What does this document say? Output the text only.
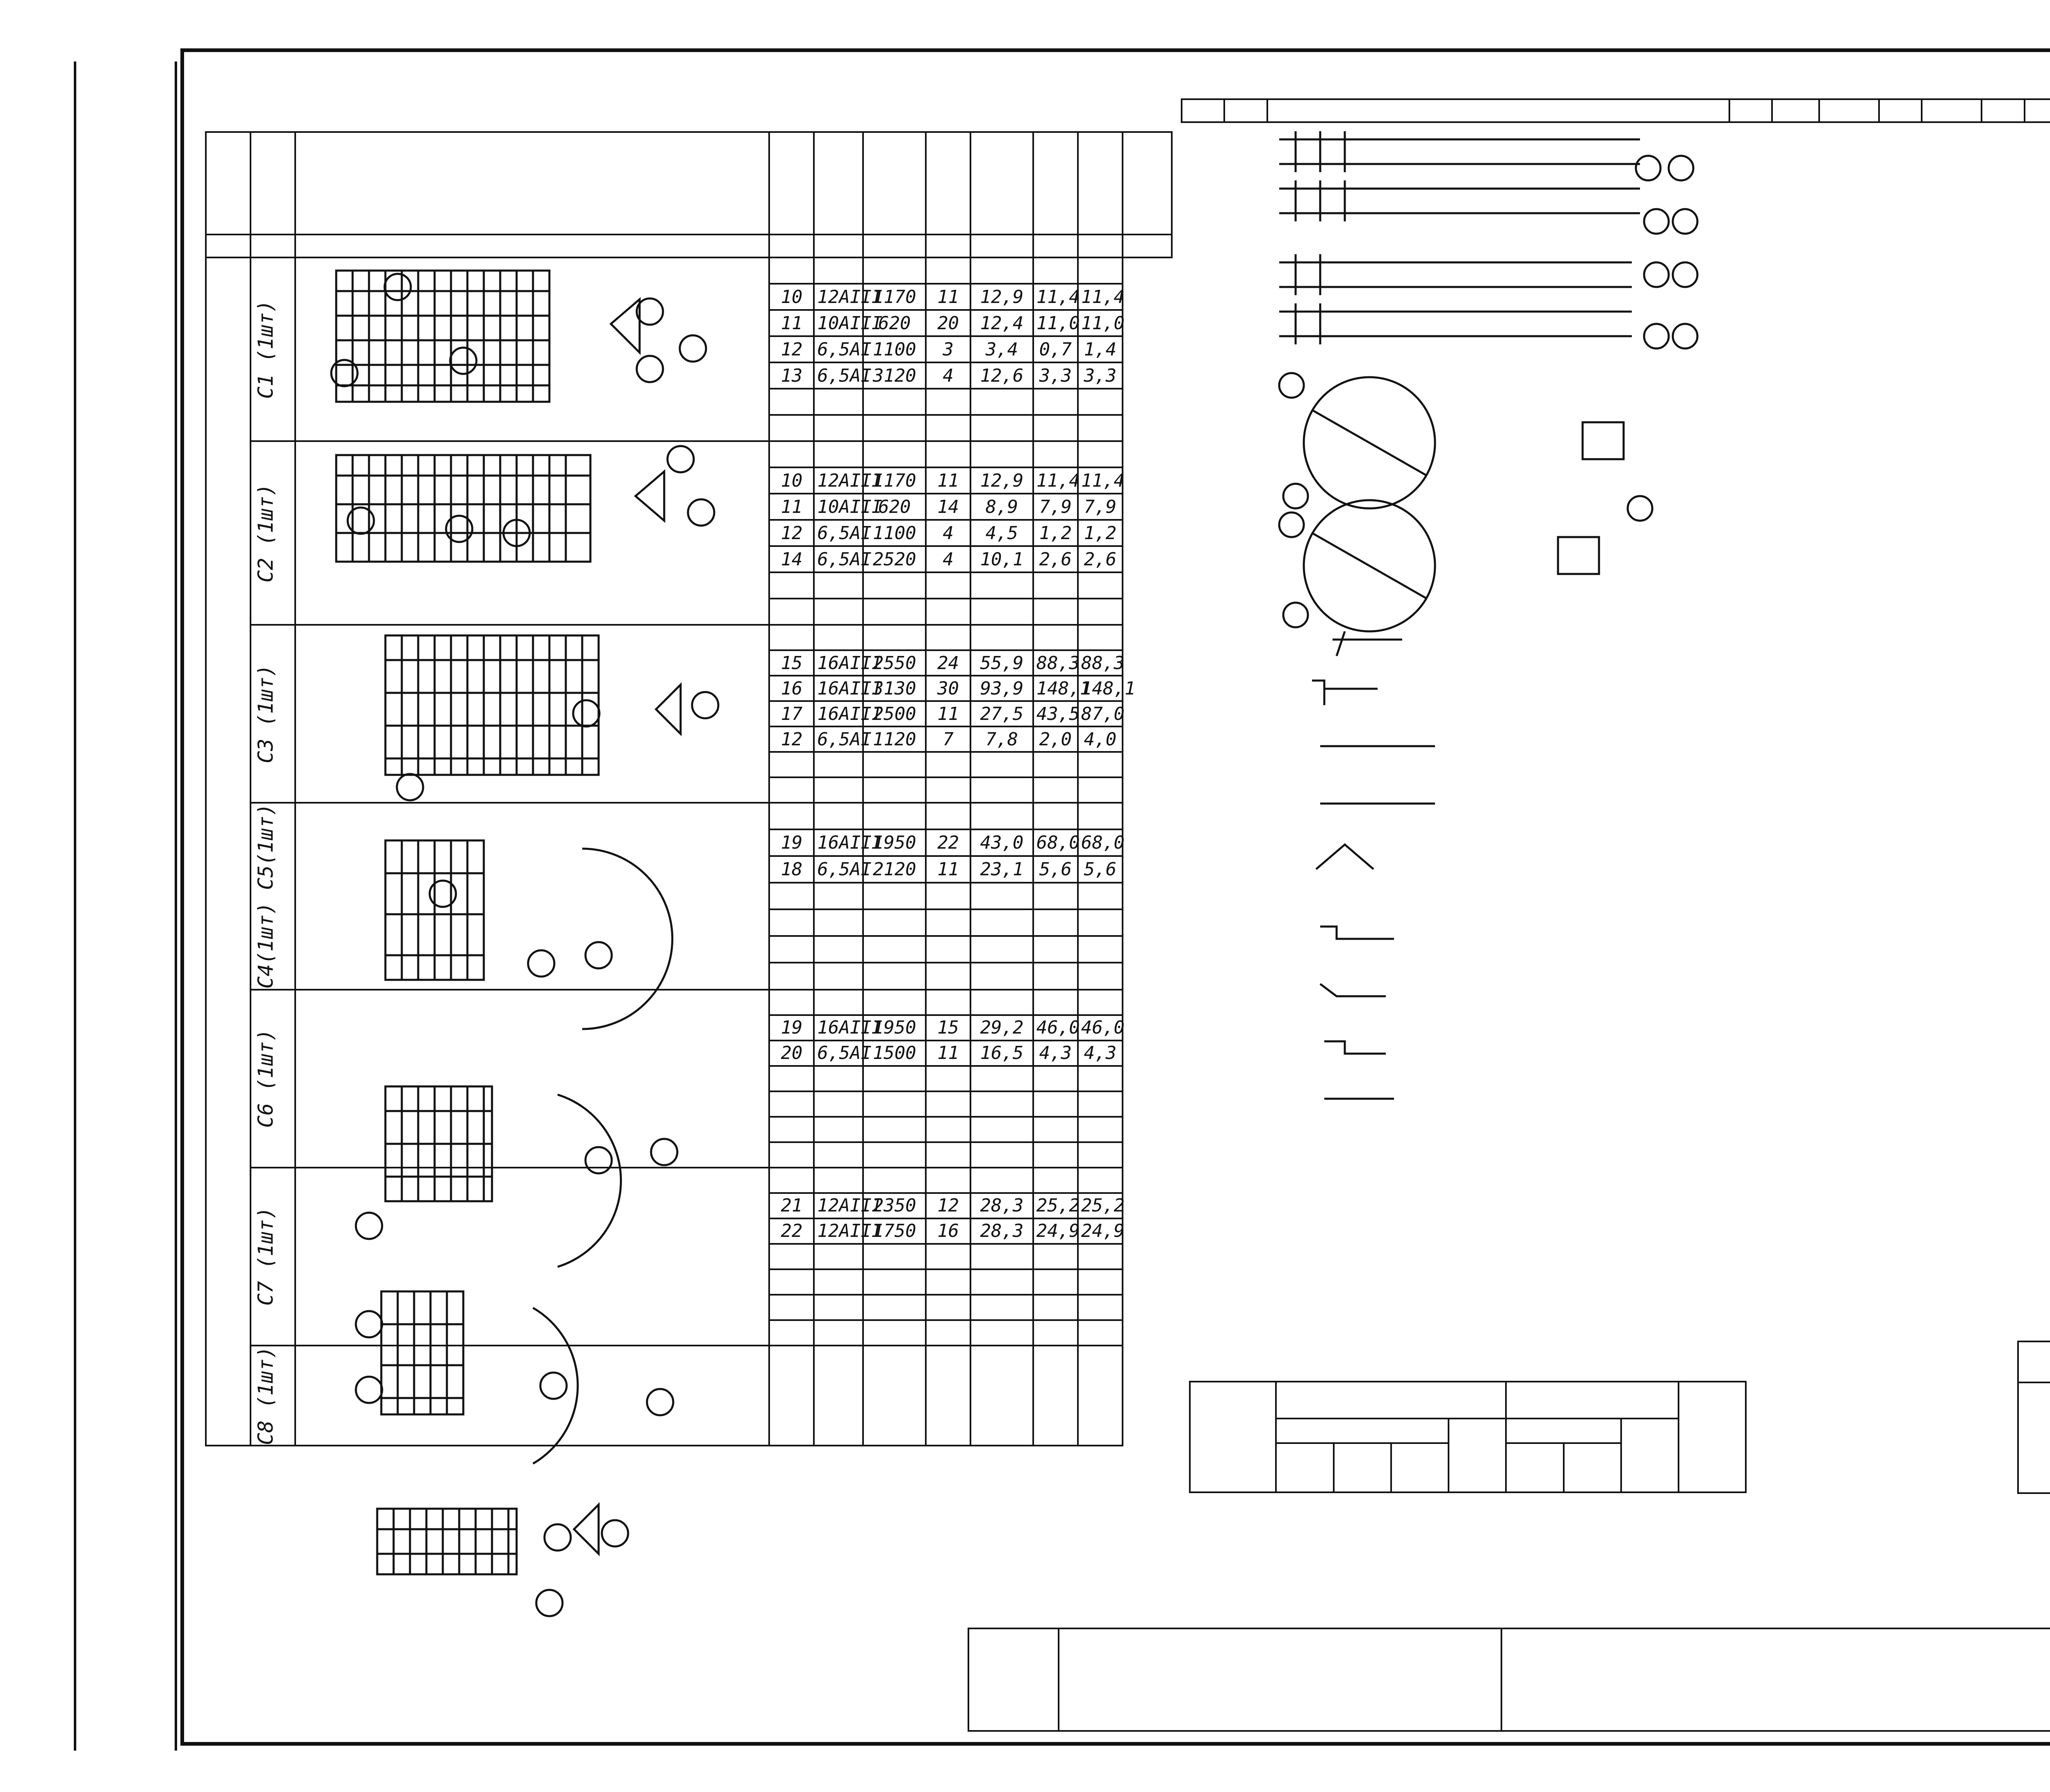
	С1 (1шт)									

			10	12АIII	1170	11	12,9	11,4	11,4	
			11	10АIII	620	20	12,4	11,0	11,0	
			12	6,5АI	1100	3	3,4	0,7	1,4	
			13	6,5АI	3120	4	12,6	3,3	3,3	

	С2 (1шт)									

			10	12АIII	1170	11	12,9	11,4	11,4	
			11	10АIII	620	14	8,9	7,9	7,9	
			12	6,5АI	1100	4	4,5	1,2	1,2	
			14	6,5АI	2520	4	10,1	2,6	2,6	

	С3 (1шт)									

			15	16АIII	2550	24	55,9	88,3	88,3	
			16	16АIII	3130	30	93,9	148,1	148,1	
			17	16АIII	2500	11	27,5	43,5	87,0	
			12	6,5АI	1120	7	7,8	2,0	4,0	

	С4(1шт) С5(1шт)									

			19	16АIII	1950	22	43,0	68,0	68,0	
			18	6,5АI	2120	11	23,1	5,6	5,6	

	С6 (1шт)									

			19	16АIII	1950	15	29,2	46,0	46,0	
			20	6,5АI	1500	11	16,5	4,3	4,3	

	С7 (1шт)									

			21	12АIII	2350	12	28,3	25,2	25,2	
			22	12АIII	1750	16	28,3	24,9	24,9	

	С8 (1шт)									
